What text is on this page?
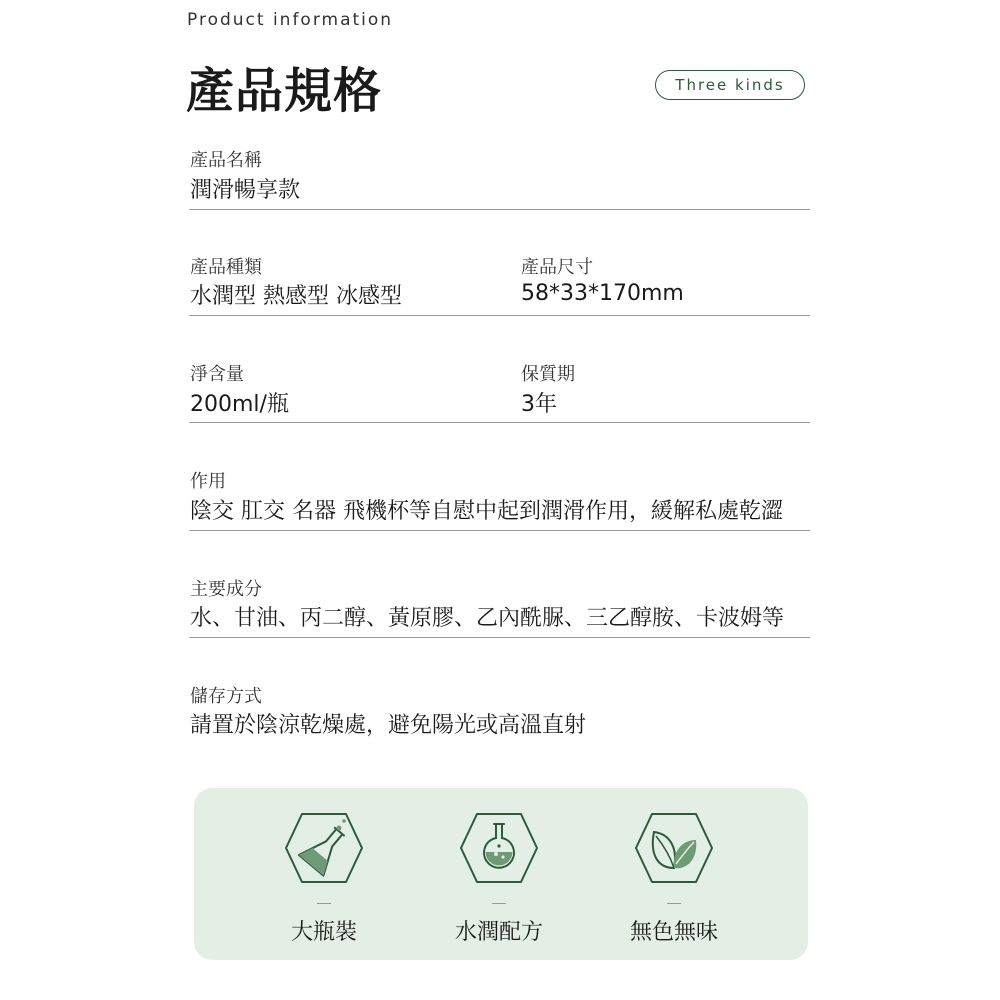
Product information
產品規格	Three kinds
產品名稱
潤滑暢享款
產品種類
水潤型 熱感型 冰感型
產品尺寸
58*33*170mm
淨含量
200ml/瓶
保質期
3年
作用
陰交 肛交 名器 飛機杯等自慰中起到潤滑作用，緩解私處乾澀
主要成分
水、甘油、丙二醇、黃原膠、乙內酰脲、三乙醇胺、卡波姆等
儲存方式
請置於陰涼乾燥處，避免陽光或高溫直射
大瓶裝	水潤配方	無色無味
